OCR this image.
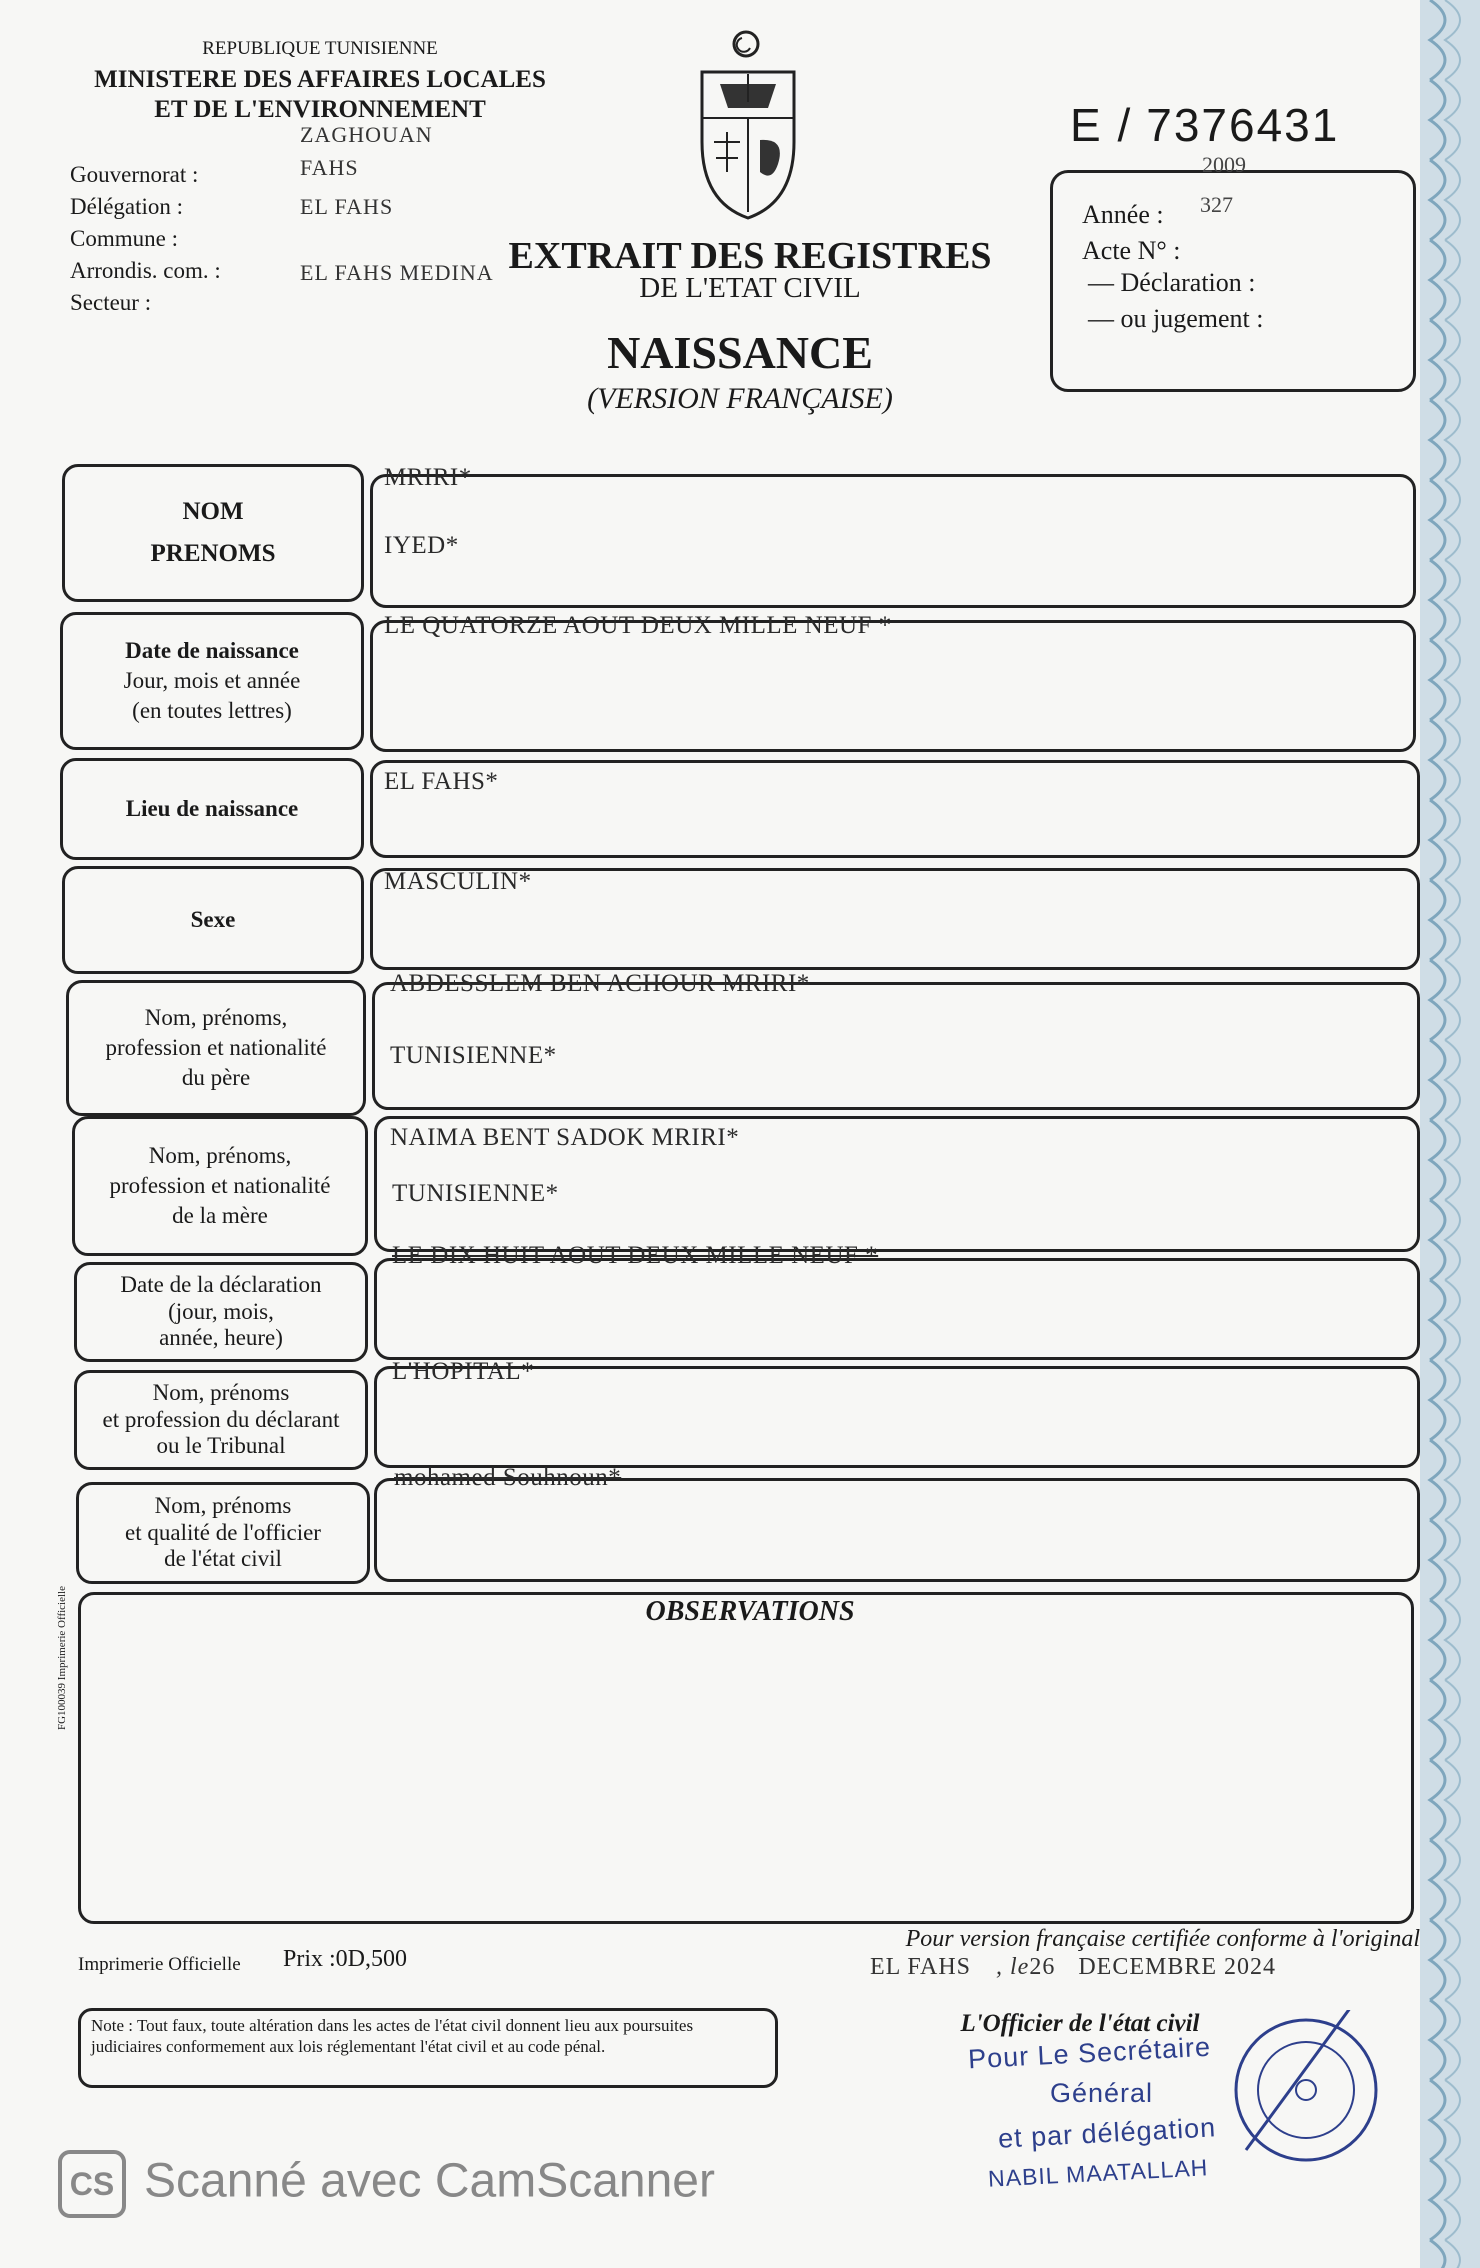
REPUBLIQUE TUNISIENNE
MINISTERE DES AFFAIRES LOCALES
ET DE L'ENVIRONNEMENT
Gouvernorat :
ZAGHOUAN
Délégation :
FAHS
Commune :
EL FAHS
Arrondis. com. :	EL FAHS MEDINA
Secteur :
EXTRAIT DES REGISTRES
DE L'ETAT CIVIL
NAISSANCE
(VERSION FRANÇAISE)
E / 7376431
2009
Année : 327
Acte N° :
— Déclaration :
— ou jugement :
NOM
PRENOMS
MRIRI*
IYED*
Date de naissance
Jour, mois et année
(en toutes lettres)
LE QUATORZE AOUT DEUX MILLE NEUF *
Lieu de naissance
EL FAHS*
Sexe
MASCULIN*
Nom, prénoms,
profession et nationalité
du père
ABDESSLEM BEN ACHOUR MRIRI*
TUNISIENNE*
Nom, prénoms,
profession et nationalité
de la mère
NAIMA BENT SADOK MRIRI*
TUNISIENNE*
Date de la déclaration
(jour, mois,
année, heure)
LE DIX HUIT AOUT DEUX MILLE NEUF *
Nom, prénoms
et profession du déclarant
ou le Tribunal
L'HOPITAL*
Nom, prénoms
et qualité de l'officier
de l'état civil
mohamed Souhnoun*
OBSERVATIONS
FG100039 Imprimerie Officielle
Imprimerie Officielle Prix :0D,500
Pour version française certifiée conforme à l'original
EL FAHS , le26 DECEMBRE 2024
L'Officier de l'état civil
Pour Le Secrétaire
Général
et par délégation
NABIL MAATALLAH
Note : Tout faux, toute altération dans les actes de l'état civil donnent lieu aux poursuites judiciaires conformement aux lois réglementant l'état civil et au code pénal.
CS Scanné avec CamScanner
